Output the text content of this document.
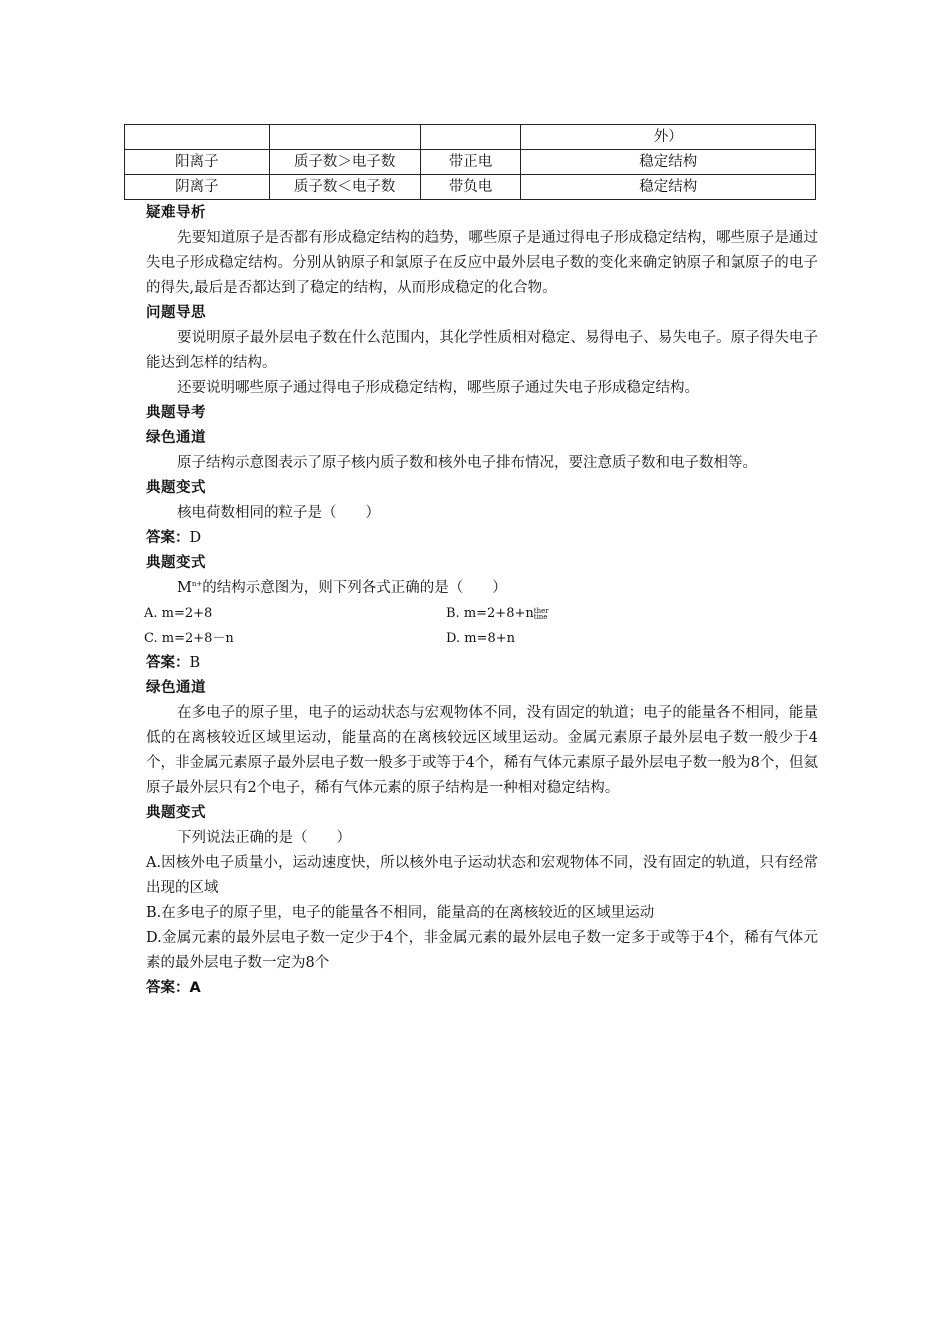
			外）
阳离子	质子数＞电子数	带正电	稳定结构
阴离子	质子数＜电子数	带负电	稳定结构

疑难导析

先要知道原子是否都有形成稳定结构的趋势，哪些原子是通过得电子形成稳定结构，哪些原子是通过失电子形成稳定结构。分别从钠原子和氯原子在反应中最外层电子数的变化来确定钠原子和氯原子的电子的得失,最后是否都达到了稳定的结构，从而形成稳定的化合物。

问题导思

要说明原子最外层电子数在什么范围内，其化学性质相对稳定、易得电子、易失电子。原子得失电子能达到怎样的结构。

还要说明哪些原子通过得电子形成稳定结构，哪些原子通过失电子形成稳定结构。

典题导考

绿色通道

原子结构示意图表示了原子核内质子数和核外电子排布情况，要注意质子数和电子数相等。

典题变式

核电荷数相同的粒子是（　　）

答案：D

典题变式

$M^{n+}$的结构示意图为，则下列各式正确的是（　　）

A. m=2+8	B. m=2+8+nther
tine
C. m=2+8－n	D. m=8+n

答案：B

绿色通道

在多电子的原子里，电子的运动状态与宏观物体不同，没有固定的轨道；电子的能量各不相同，能量低的在离核较近区域里运动，能量高的在离核较远区域里运动。金属元素原子最外层电子数一般少于4个，非金属元素原子最外层电子数一般多于或等于4个，稀有气体元素原子最外层电子数一般为8个，但氦原子最外层只有2个电子，稀有气体元素的原子结构是一种相对稳定结构。

典题变式

下列说法正确的是（　　）

A.因核外电子质量小，运动速度快，所以核外电子运动状态和宏观物体不同，没有固定的轨道，只有经常出现的区域

B.在多电子的原子里，电子的能量各不相同，能量高的在离核较近的区域里运动

D.金属元素的最外层电子数一定少于4个，非金属元素的最外层电子数一定多于或等于4个，稀有气体元素的最外层电子数一定为8个

答案：A
